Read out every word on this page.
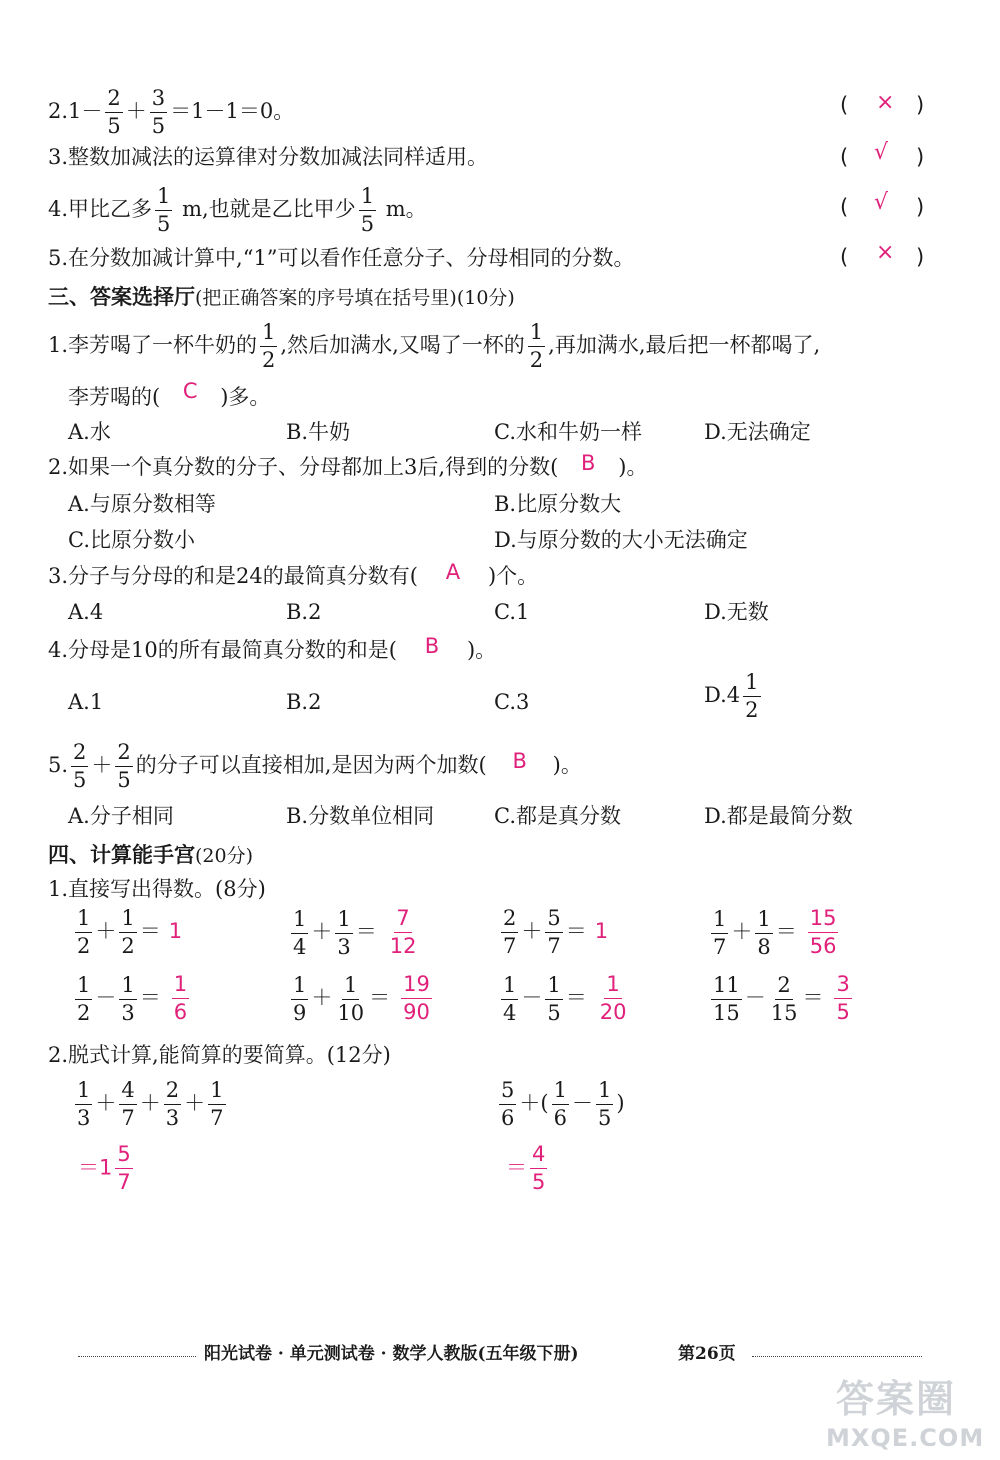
$2.1- \frac{2}{5} + \frac{3}{5} =1-1=0$。	( × )
3.整数加减法的运算律对分数加减法同样适用。	( √ )
4.甲比乙多 $\frac{1}{5} m$,也就是乙比甲少 $\frac{1}{5}$ m。	( √ )
5.在分数加减计算中,“1”可以看作任意分子、分母相同的分数。	( × )
三、答案选择厅(把正确答案的序号填在括号里)(10分)
1.李芳喝了一杯牛奶的 $\frac{1}{2}$ ,然后加满水,又喝了一杯的 $\frac{1}{2}$ ,再加满水,最后把一杯都喝了,
李芳喝的( C )多。
A.水	B.牛奶	C.水和牛奶一样	D.无法确定
2.如果一个真分数的分子、分母都加上3后,得到的分数( B )。
A.与原分数相等	B.比原分数大
C.比原分数小	D.与原分数的大小无法确定
3.分子与分母的和是24的最简真分数有( A )个。
A.4	B.2	C.1	D.无数
4.分母是10的所有最简真分数的和是( B )。
A.1	B.2	C.3	$D.4 \frac{1}{2}$
5. $\frac{2}{5} + \frac{2}{5}$ 的分子可以直接相加,是因为两个加数( B )。
A.分子相同	B.分数单位相同	C.都是真分数	D.都是最简分数
四、计算能手宫(20分)
1.直接写出得数。(8分)
$\frac{1}{2} + \frac{1}{2} = 1$	$\frac{1}{4} + \frac{1}{3} = \frac{7}{12}$	$\frac{2}{7} + \frac{5}{7} = 1$	$\frac{1}{7} + \frac{1}{8} = \frac{15}{56}$
$\frac{1}{2} - \frac{1}{3} = \frac{1}{6}$	$\frac{1}{9} + \frac{1}{10} = \frac{19}{90}$	$\frac{1}{4} - \frac{1}{5} = \frac{1}{20}$	$\frac{11}{15} - \frac{2}{15} = \frac{3}{5}$
2.脱式计算,能简算的要简算。(12分)
$\frac{1}{3} + \frac{4}{7} + \frac{2}{3} + \frac{1}{7}$
$=1 \frac{5}{7}$
$\frac{5}{6}$ ＋( $\frac{1}{6} - \frac{1}{5}$ )
＝ $\frac{4}{5}$
阳光试卷 · 单元测试卷 · 数学人教版(五年级下册)	第26页
答案圈
MXQE.COM
